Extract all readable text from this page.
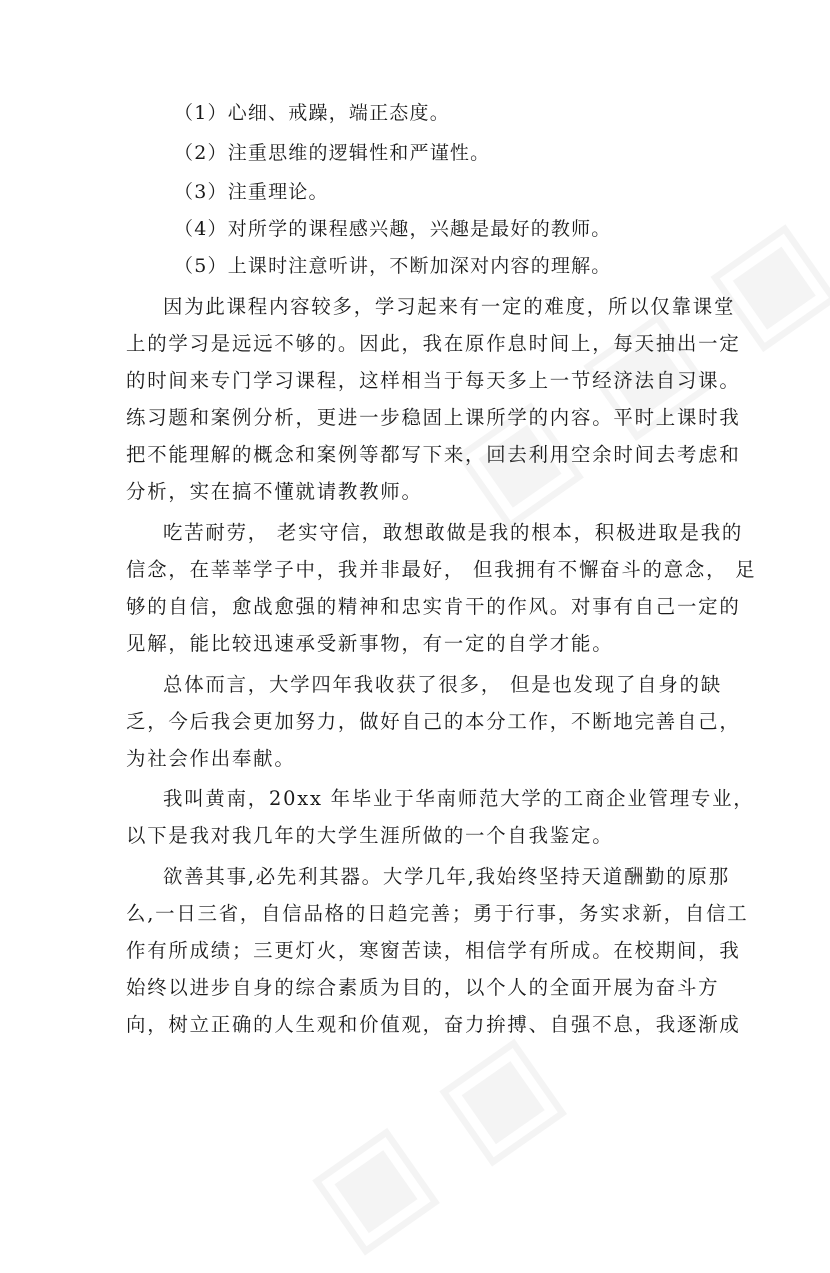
（1）心细、戒躁，端正态度。
（2）注重思维的逻辑性和严谨性。
（3）注重理论。
（4）对所学的课程感兴趣，兴趣是最好的教师。
（5）上课时注意听讲，不断加深对内容的理解。
因为此课程内容较多，学习起来有一定的难度，所以仅靠课堂
上的学习是远远不够的。因此，我在原作息时间上，每天抽出一定
的时间来专门学习课程，这样相当于每天多上一节经济法自习课。
练习题和案例分析，更进一步稳固上课所学的内容。平时上课时我
把不能理解的概念和案例等都写下来，回去利用空余时间去考虑和
分析，实在搞不懂就请教教师。
吃苦耐劳， 老实守信，敢想敢做是我的根本，积极进取是我的
信念，在莘莘学子中，我并非最好， 但我拥有不懈奋斗的意念， 足
够的自信，愈战愈强的精神和忠实肯干的作风。对事有自己一定的
见解，能比较迅速承受新事物，有一定的自学才能。
总体而言，大学四年我收获了很多， 但是也发现了自身的缺
乏，今后我会更加努力，做好自己的本分工作，不断地完善自己，
为社会作出奉献。
我叫黄南，20xx 年毕业于华南师范大学的工商企业管理专业，
以下是我对我几年的大学生涯所做的一个自我鉴定。
欲善其事,必先利其器。大学几年,我始终坚持天道酬勤的原那
么,一日三省，自信品格的日趋完善；勇于行事，务实求新，自信工
作有所成绩；三更灯火，寒窗苦读，相信学有所成。在校期间，我
始终以进步自身的综合素质为目的，以个人的全面开展为奋斗方
向，树立正确的人生观和价值观，奋力拚搏、自强不息，我逐渐成
